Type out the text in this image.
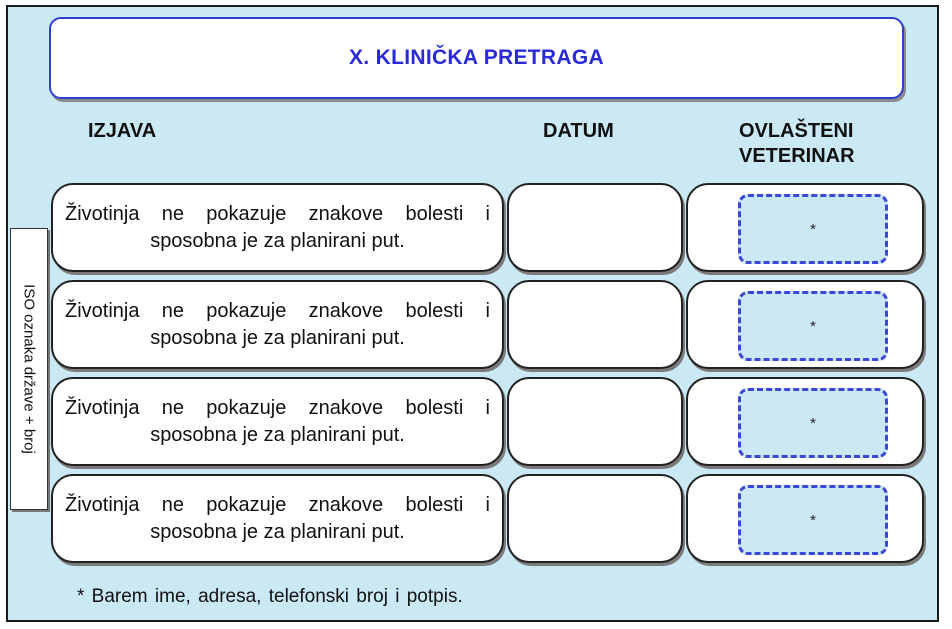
X. KLINIČKA PRETRAGA
IZJAVA	DATUM	OVLAŠTENI
VETERINAR
ISO oznaka države + broj
Životinja ne pokazuje znakove bolesti i sposobna je za planirani put.
*
Životinja ne pokazuje znakove bolesti i sposobna je za planirani put.
*
Životinja ne pokazuje znakove bolesti i sposobna je za planirani put.
*
Životinja ne pokazuje znakove bolesti i sposobna je za planirani put.
*
* Barem ime, adresa, telefonski broj i potpis.
